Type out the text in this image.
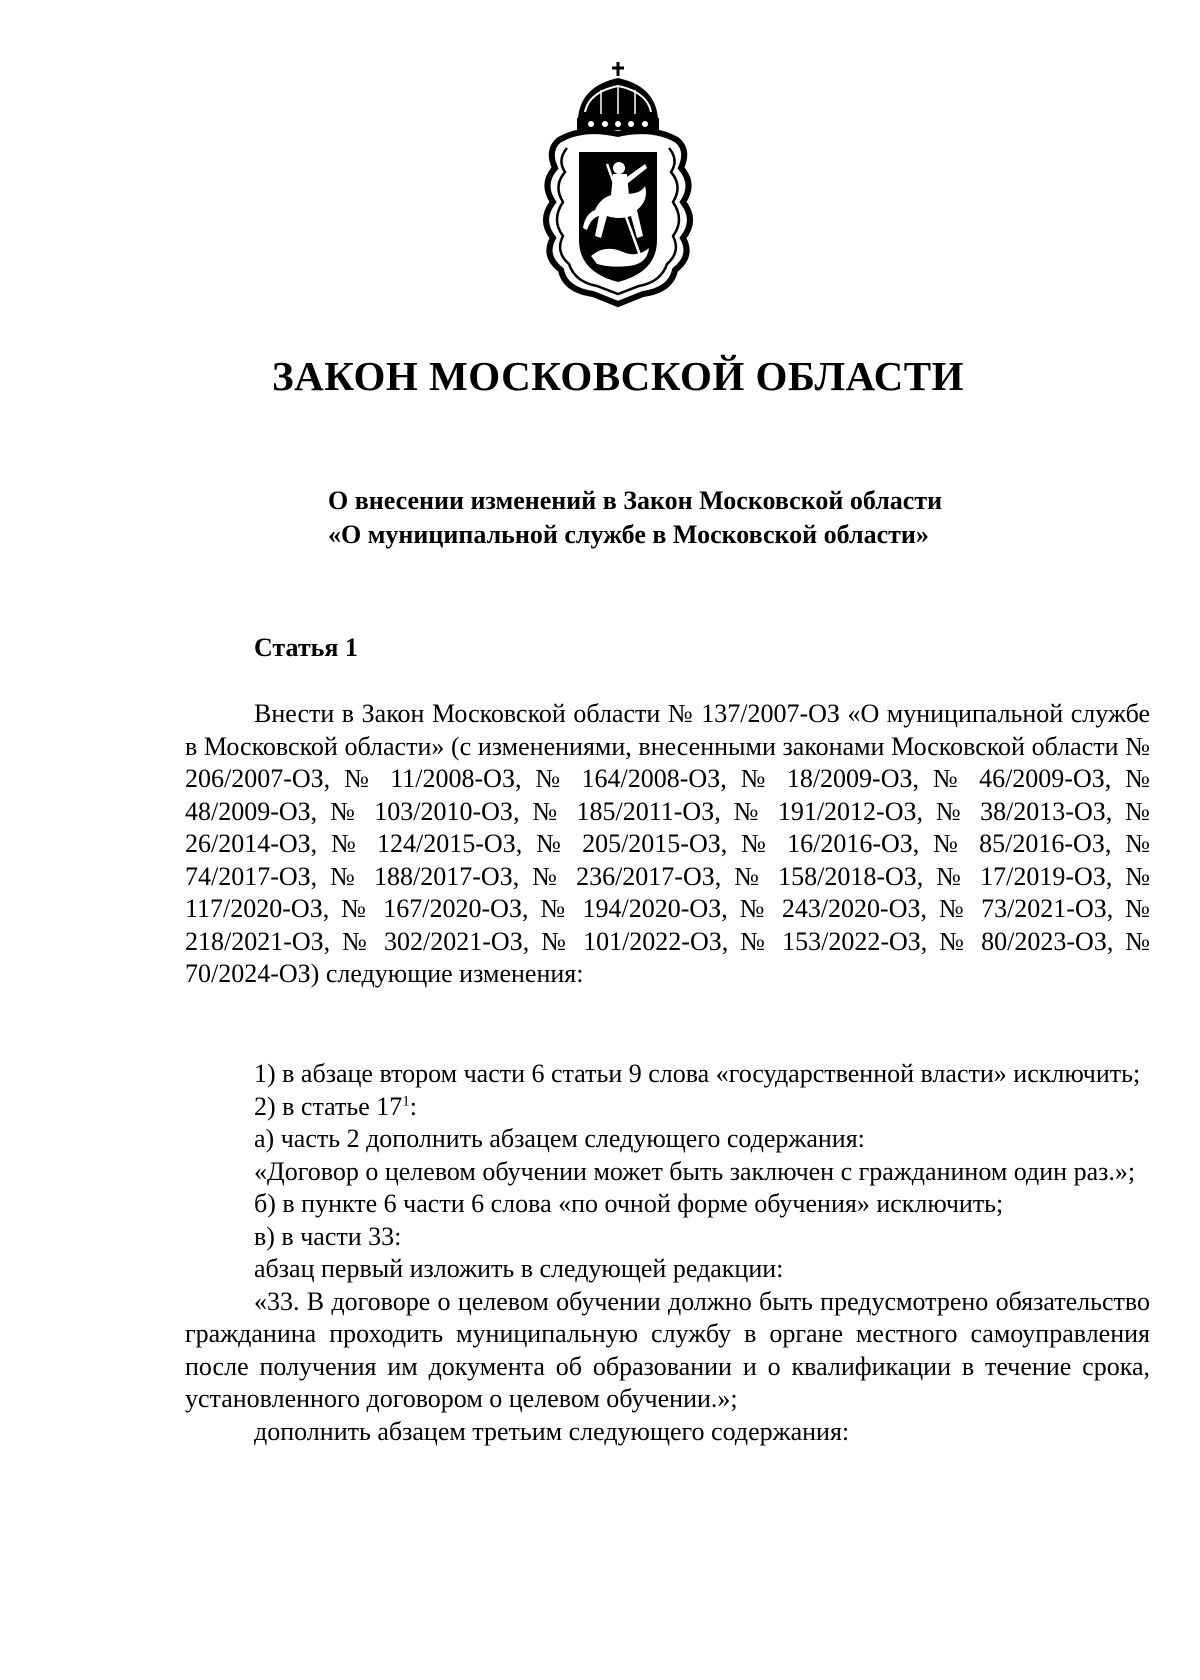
ЗАКОН МОСКОВСКОЙ ОБЛАСТИ
О внесении изменений в Закон Московской области
«О муниципальной службе в Московской области»
Статья 1

Внести в Закон Московской области № 137/2007-ОЗ «О муниципальной службе в Московской области» (с изменениями, внесенными законами Московской области № 206/2007-ОЗ, № 11/2008-ОЗ, № 164/2008-ОЗ, № 18/2009-ОЗ, № 46/2009-ОЗ, № 48/2009-ОЗ, № 103/2010-ОЗ, № 185/2011-ОЗ, № 191/2012-ОЗ, № 38/2013-ОЗ, № 26/2014-ОЗ, № 124/2015-ОЗ, № 205/2015-ОЗ, № 16/2016-ОЗ, № 85/2016-ОЗ, № 74/2017-ОЗ, № 188/2017-ОЗ, № 236/2017-ОЗ, № 158/2018-ОЗ, № 17/2019-ОЗ, № 117/2020-ОЗ, № 167/2020-ОЗ, № 194/2020-ОЗ, № 243/2020-ОЗ, № 73/2021-ОЗ, № 218/2021-ОЗ, № 302/2021-ОЗ, № 101/2022-ОЗ, № 153/2022-ОЗ, № 80/2023-ОЗ, № 70/2024-ОЗ) следующие изменения:

1) в абзаце втором части 6 статьи 9 слова «государственной власти» исключить;

2) в статье $17^1$:

а) часть 2 дополнить абзацем следующего содержания:

«Договор о целевом обучении может быть заключен с гражданином один раз.»;

б) в пункте 6 части 6 слова «по очной форме обучения» исключить;

в) в части 33:

абзац первый изложить в следующей редакции:

«33. В договоре о целевом обучении должно быть предусмотрено обязательство гражданина проходить муниципальную службу в органе местного самоуправления после получения им документа об образовании и о квалификации в течение срока, установленного договором о целевом обучении.»;

дополнить абзацем третьим следующего содержания:
